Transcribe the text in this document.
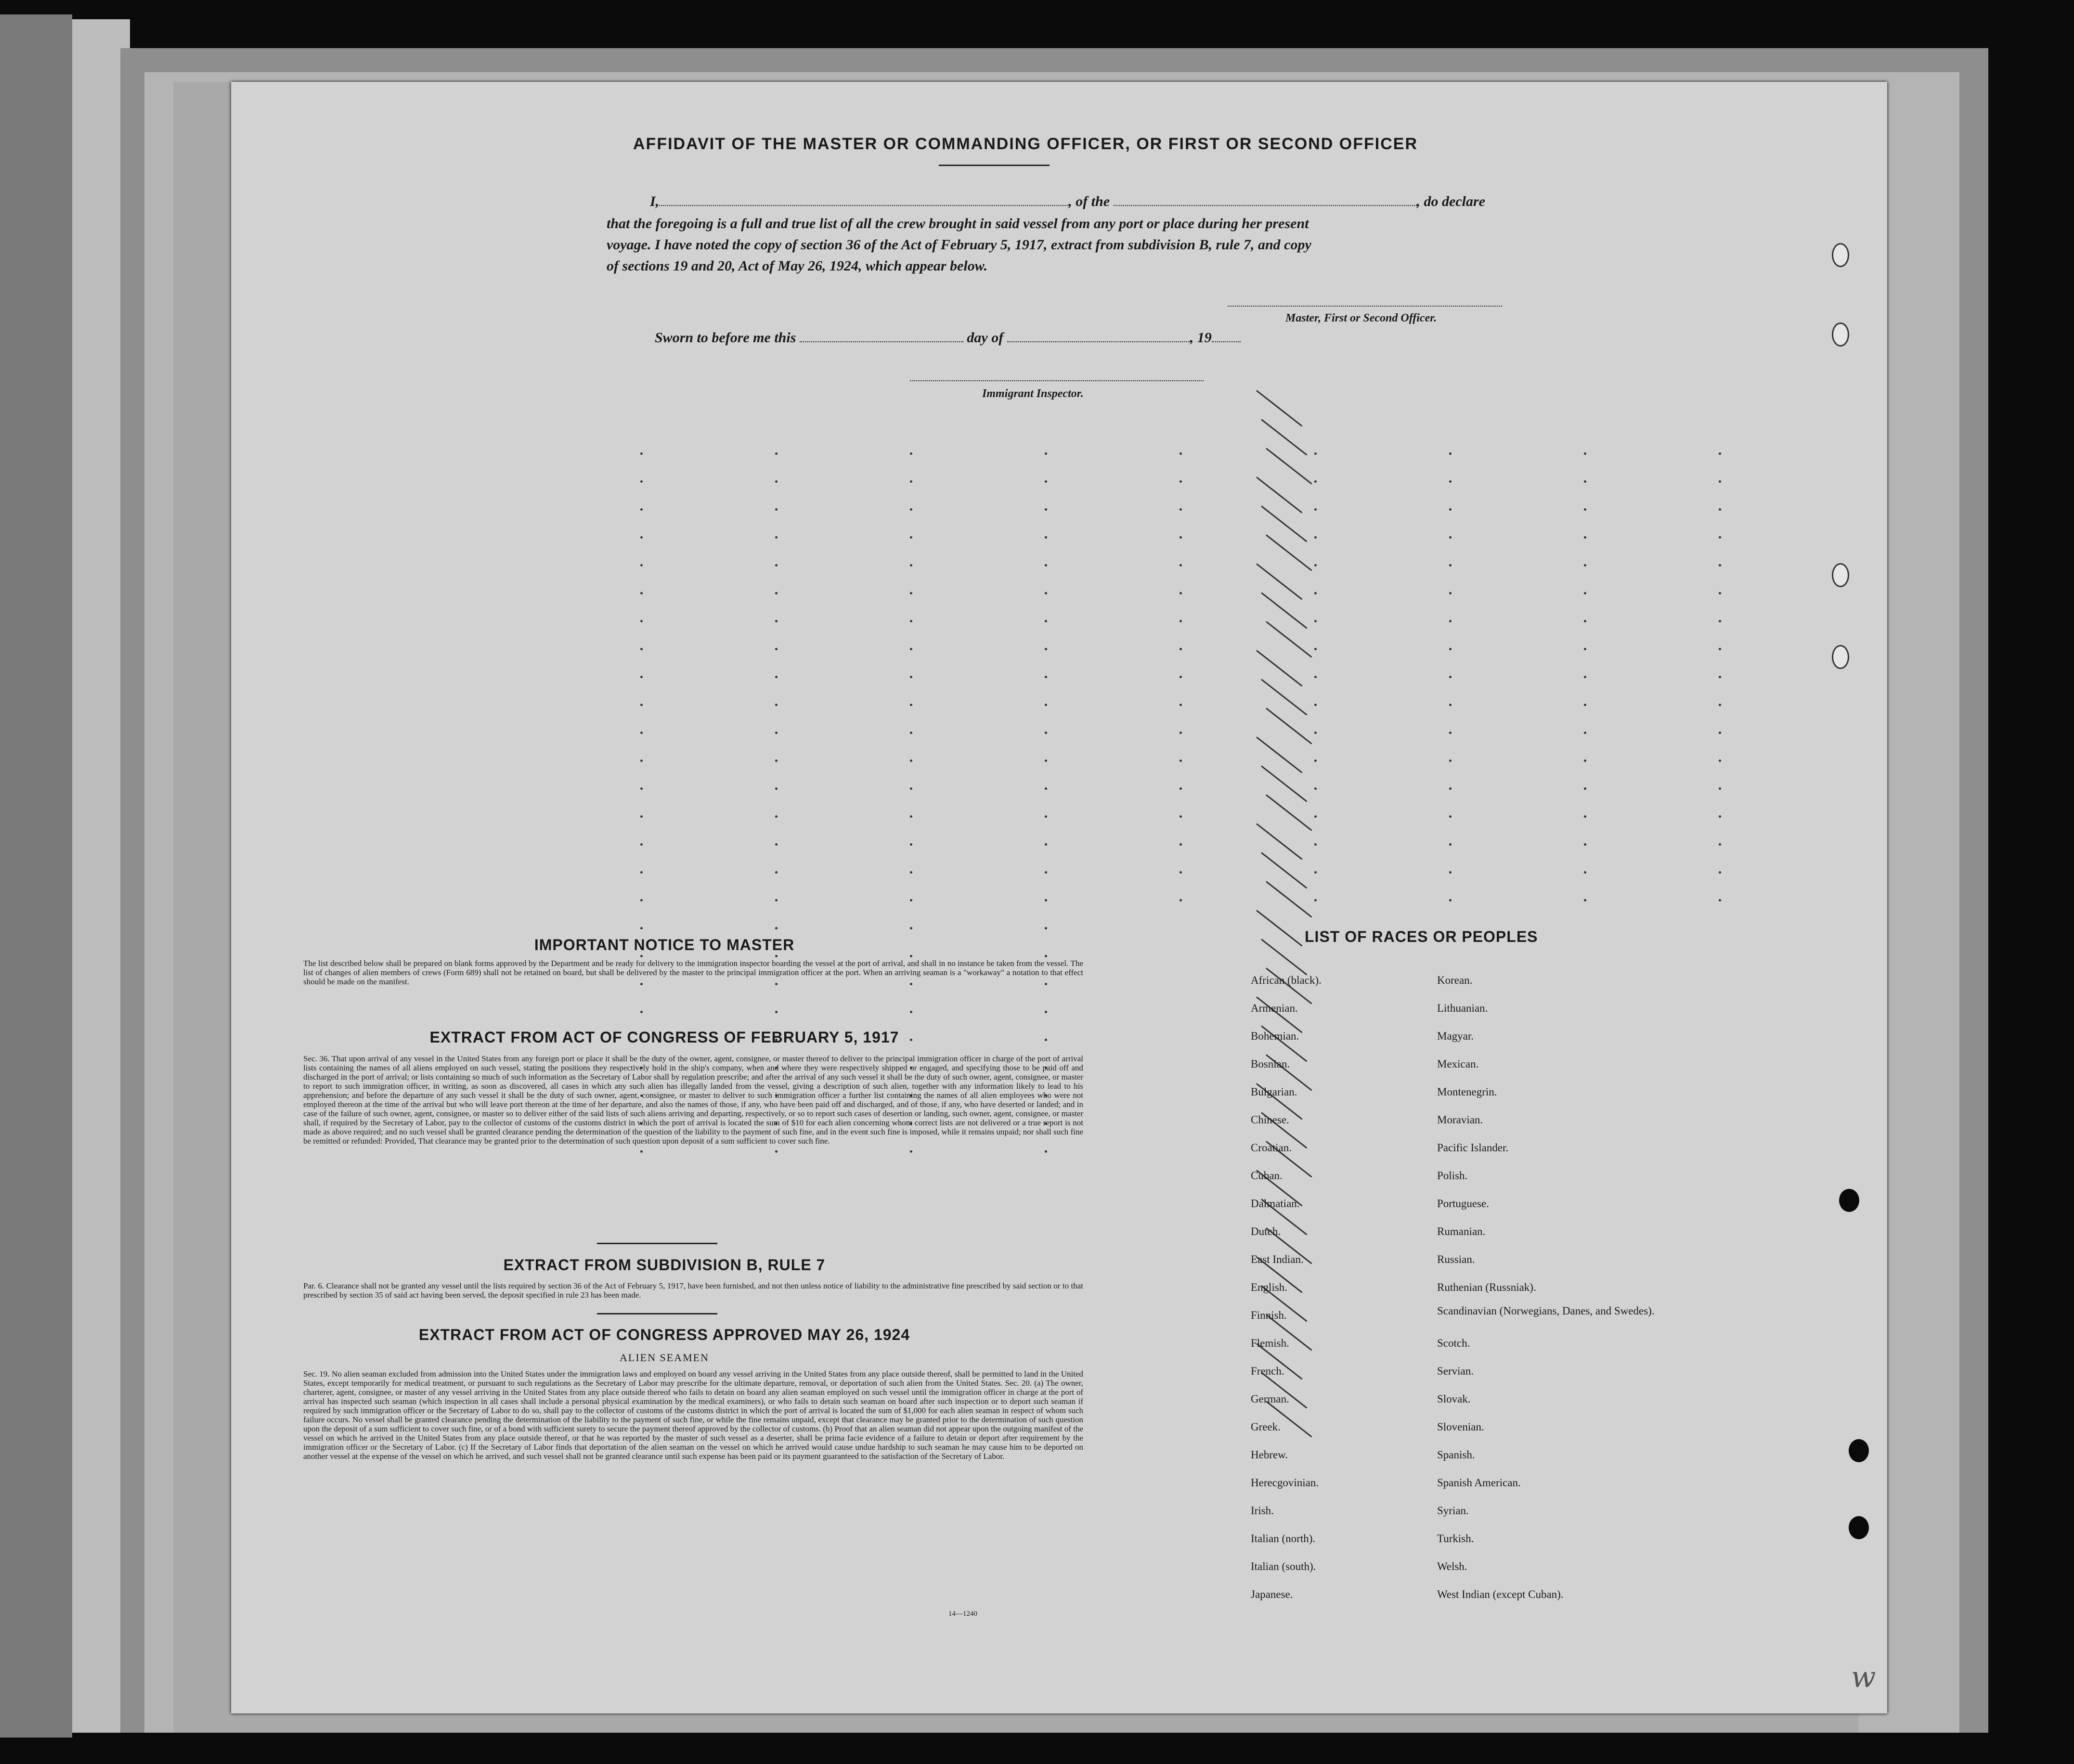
AFFIDAVIT OF THE MASTER OR COMMANDING OFFICER, OR FIRST OR SECOND OFFICER
I,	, of the	, do declare
that the foregoing is a full and true list of all the crew brought in said vessel from any port or place during her present
voyage. I have noted the copy of section 36 of the Act of February 5, 1917, extract from subdivision B, rule 7, and copy
of sections 19 and 20, Act of May 26, 1924, which appear below.
Master, First or Second Officer.
Sworn to before me this	day of	, 19
Immigrant Inspector.
IMPORTANT NOTICE TO MASTER
The list described below shall be prepared on blank forms approved by the Department and be ready for delivery to the immigration inspector boarding the vessel at the port of arrival, and shall in no instance be taken from the vessel. The list of changes of alien members of crews (Form 689) shall not be retained on board, but shall be delivered by the master to the principal immigration officer at the port. When an arriving seaman is a "workaway" a notation to that effect should be made on the manifest.
EXTRACT FROM ACT OF CONGRESS OF FEBRUARY 5, 1917
Sec. 36. That upon arrival of any vessel in the United States from any foreign port or place it shall be the duty of the owner, agent, consignee, or master thereof to deliver to the principal immigration officer in charge of the port of arrival lists containing the names of all aliens employed on such vessel, stating the positions they respectively hold in the ship's company, when and where they were respectively shipped or engaged, and specifying those to be paid off and discharged in the port of arrival; or lists containing so much of such information as the Secretary of Labor shall by regulation prescribe; and after the arrival of any such vessel it shall be the duty of such owner, agent, consignee, or master to report to such immigration officer, in writing, as soon as discovered, all cases in which any such alien has illegally landed from the vessel, giving a description of such alien, together with any information likely to lead to his apprehension; and before the departure of any such vessel it shall be the duty of such owner, agent, consignee, or master to deliver to such immigration officer a further list containing the names of all alien employees who were not employed thereon at the time of the arrival but who will leave port thereon at the time of her departure, and also the names of those, if any, who have been paid off and discharged, and of those, if any, who have deserted or landed; and in case of the failure of such owner, agent, consignee, or master so to deliver either of the said lists of such aliens arriving and departing, respectively, or so to report such cases of desertion or landing, such owner, agent, consignee, or master shall, if required by the Secretary of Labor, pay to the collector of customs of the customs district in which the port of arrival is located the sum of $10 for each alien concerning whom correct lists are not delivered or a true report is not made as above required; and no such vessel shall be granted clearance pending the determination of the question of the liability to the payment of such fine, and in the event such fine is imposed, while it remains unpaid; nor shall such fine be remitted or refunded: Provided, That clearance may be granted prior to the determination of such question upon deposit of a sum sufficient to cover such fine.
EXTRACT FROM SUBDIVISION B, RULE 7
Par. 6. Clearance shall not be granted any vessel until the lists required by section 36 of the Act of February 5, 1917, have been furnished, and not then unless notice of liability to the administrative fine prescribed by said section or to that prescribed by section 35 of said act having been served, the deposit specified in rule 23 has been made.
EXTRACT FROM ACT OF CONGRESS APPROVED MAY 26, 1924
ALIEN SEAMEN
Sec. 19. No alien seaman excluded from admission into the United States under the immigration laws and employed on board any vessel arriving in the United States from any place outside thereof, shall be permitted to land in the United States, except temporarily for medical treatment, or pursuant to such regulations as the Secretary of Labor may prescribe for the ultimate departure, removal, or deportation of such alien from the United States. Sec. 20. (a) The owner, charterer, agent, consignee, or master of any vessel arriving in the United States from any place outside thereof who fails to detain on board any alien seaman employed on such vessel until the immigration officer in charge at the port of arrival has inspected such seaman (which inspection in all cases shall include a personal physical examination by the medical examiners), or who fails to detain such seaman on board after such inspection or to deport such seaman if required by such immigration officer or the Secretary of Labor to do so, shall pay to the collector of customs of the customs district in which the port of arrival is located the sum of $1,000 for each alien seaman in respect of whom such failure occurs. No vessel shall be granted clearance pending the determination of the liability to the payment of such fine, or while the fine remains unpaid, except that clearance may be granted prior to the determination of such question upon the deposit of a sum sufficient to cover such fine, or of a bond with sufficient surety to secure the payment thereof approved by the collector of customs. (b) Proof that an alien seaman did not appear upon the outgoing manifest of the vessel on which he arrived in the United States from any place outside thereof, or that he was reported by the master of such vessel as a deserter, shall be prima facie evidence of a failure to detain or deport after requirement by the immigration officer or the Secretary of Labor. (c) If the Secretary of Labor finds that deportation of the alien seaman on the vessel on which he arrived would cause undue hardship to such seaman he may cause him to be deported on another vessel at the expense of the vessel on which he arrived, and such vessel shall not be granted clearance until such expense has been paid or its payment guaranteed to the satisfaction of the Secretary of Labor.
14—1240
LIST OF RACES OR PEOPLES
African (black).
Armenian.
Bohemian.
Bosnian.
Bulgarian.
Chinese.
Croatian.
Cuban.
Dalmatian.
Dutch.
East Indian.
English.
Finnish.
Flemish.
French.
German.
Greek.
Hebrew.
Herecgovinian.
Irish.
Italian (north).
Italian (south).
Japanese.
Korean.
Lithuanian.
Magyar.
Mexican.
Montenegrin.
Moravian.
Pacific Islander.
Polish.
Portuguese.
Rumanian.
Russian.
Ruthenian (Russniak).
Scandinavian (Norwegians, Danes, and Swedes).
Scotch.
Servian.
Slovak.
Slovenian.
Spanish.
Spanish American.
Syrian.
Turkish.
Welsh.
West Indian (except Cuban).
w
